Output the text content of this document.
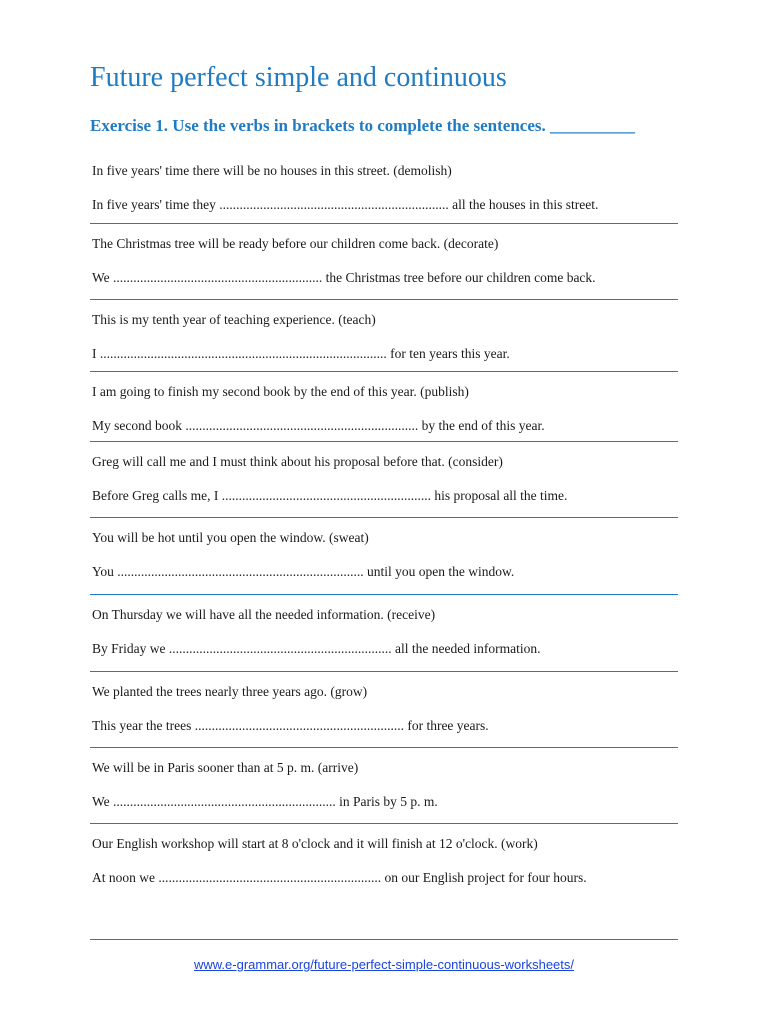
Future perfect simple and continuous
Exercise 1. Use the verbs in brackets to complete the sentences. __________
In five years' time there will be no houses in this street. (demolish)
In five years' time they .................................................................... all the houses in this street.
The Christmas tree will be ready before our children come back. (decorate)
We .............................................................. the Christmas tree before our children come back.
This is my tenth year of teaching experience. (teach)
I ..................................................................................... for ten years this year.
I am going to finish my second book by the end of this year. (publish)
My second book ..................................................................... by the end of this year.
Greg will call me and I must think about his proposal before that. (consider)
Before Greg calls me, I .............................................................. his proposal all the time.
You will be hot until you open the window. (sweat)
You ......................................................................... until you open the window.
On Thursday we will have all the needed information. (receive)
By Friday we .................................................................. all the needed information.
We planted the trees nearly three years ago. (grow)
This year the trees .............................................................. for three years.
We will be in Paris sooner than at 5 p. m. (arrive)
We .................................................................. in Paris by 5 p. m.
Our English workshop will start at 8 o'clock and it will finish at 12 o'clock. (work)
At noon we .................................................................. on our English project for four hours.
www.e-grammar.org/future-perfect-simple-continuous-worksheets/
